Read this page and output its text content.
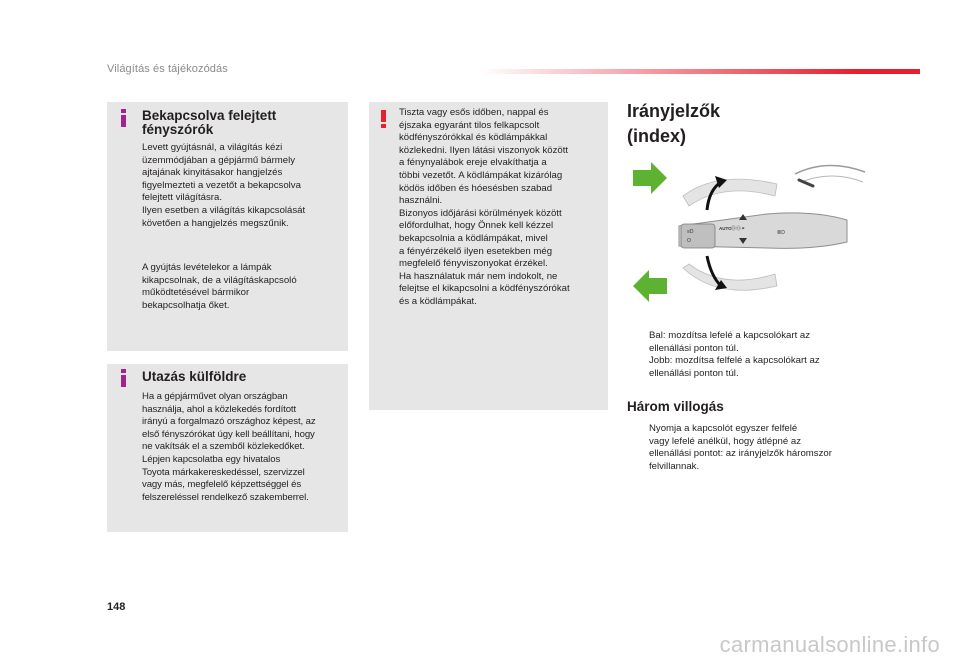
Világítás és tájékozódás
Bekapcsolva felejtett
fényszórók
Levett gyújtásnál, a világítás kézi
üzemmódjában a gépjármű bármely
ajtajának kinyitásakor hangjelzés
figyelmezteti a vezetőt a bekapcsolva
felejtett világításra.
Ilyen esetben a világítás kikapcsolását
követően a hangjelzés megszűnik.
A gyújtás levételekor a lámpák
kikapcsolnak, de a világításkapcsoló
működtetésével bármikor
bekapcsolhatja őket.
Utazás külföldre
Ha a gépjárművet olyan országban
használja, ahol a közlekedés fordított
irányú a forgalmazó országhoz képest, az
első fényszórókat úgy kell beállítani, hogy
ne vakítsák el a szemből közlekedőket.
Lépjen kapcsolatba egy hivatalos
Toyota márkakereskedéssel, szervizzel
vagy más, megfelelő képzettséggel és
felszereléssel rendelkező szakemberrel.
Tiszta vagy esős időben, nappal és
éjszaka egyaránt tilos felkapcsolt
ködfényszórókkal és ködlámpákkal
közlekedni. Ilyen látási viszonyok között
a fénynyalábok ereje elvakíthatja a
többi vezetőt. A ködlámpákat kizárólag
ködös időben és hóesésben szabad
használni.
Bizonyos időjárási körülmények között
előfordulhat, hogy Önnek kell kézzel
bekapcsolnia a ködlámpákat, mivel
a fényérzékelő ilyen esetekben még
megfelelő fényviszonyokat érzékel.
Ha használatuk már nem indokolt, ne
felejtse el kikapcsolni a ködfényszórókat
és a ködlámpákat.
Irányjelzők
(index)
≡D
O
AUTO ⒹⓄ⚭
≣D
Bal: mozdítsa lefelé a kapcsolókart az
ellenállási ponton túl.
Jobb: mozdítsa felfelé a kapcsolókart az
ellenállási ponton túl.
Három villogás
Nyomja a kapcsolót egyszer felfelé
vagy lefelé anélkül, hogy átlépné az
ellenállási pontot: az irányjelzők háromszor
felvillannak.
148
carmanualsonline.info
